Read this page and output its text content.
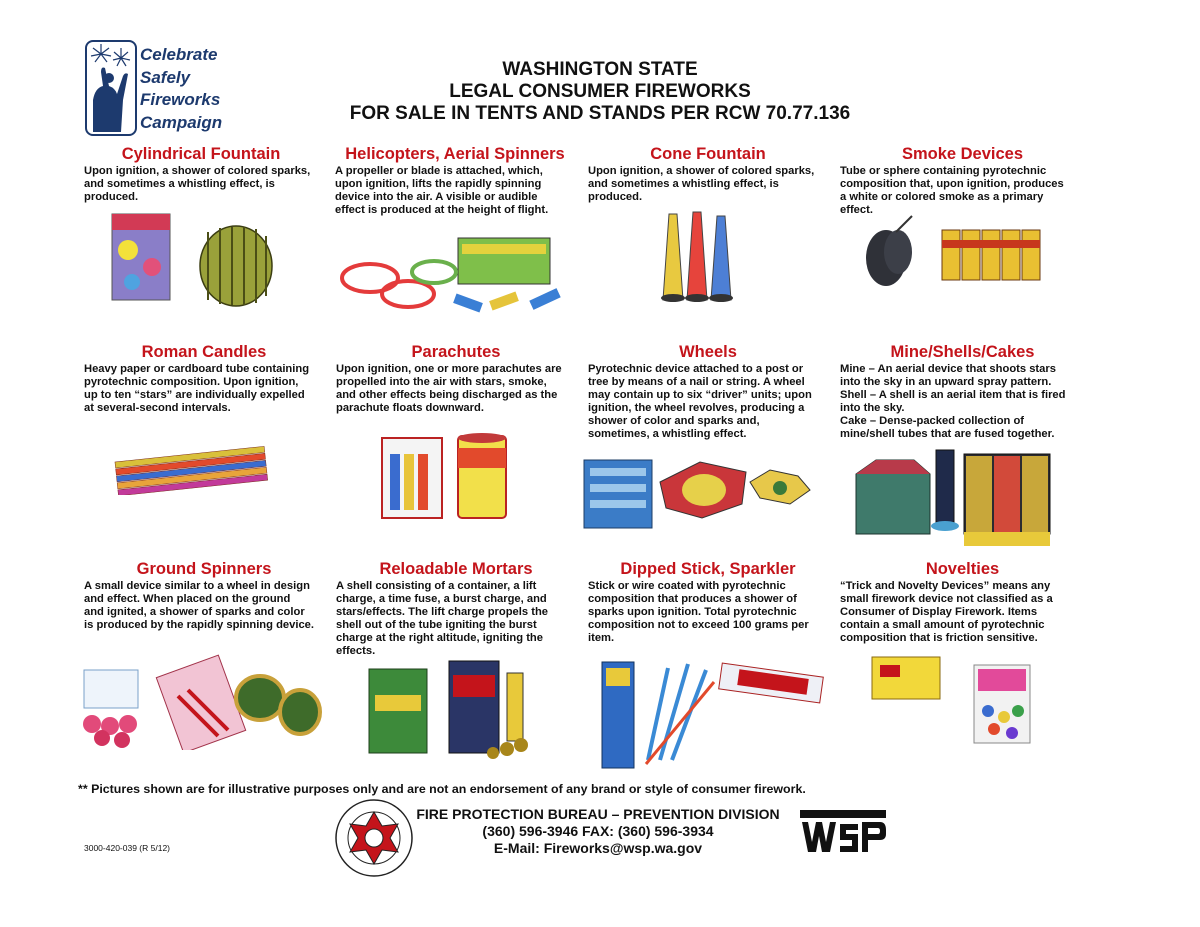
Celebrate
Safely
Fireworks
Campaign
WASHINGTON STATE
LEGAL CONSUMER FIREWORKS
FOR SALE IN TENTS AND STANDS PER RCW 70.77.136
Cylindrical Fountain
Upon ignition, a shower of colored sparks,
and sometimes a whistling effect, is
produced.
Helicopters, Aerial Spinners
A propeller or blade is attached, which,
upon ignition, lifts the rapidly spinning
device into the air. A visible or audible
effect is produced at the height of flight.
Cone Fountain
Upon ignition, a shower of colored sparks,
and sometimes a whistling effect, is
produced.
Smoke Devices
Tube or sphere containing pyrotechnic
composition that, upon ignition, produces
a white or colored smoke as a primary
effect.
Roman Candles
Heavy paper or cardboard tube containing
pyrotechnic composition. Upon ignition,
up to ten “stars” are individually expelled
at several-second intervals.
Parachutes
Upon ignition, one or more parachutes are
propelled into the air with stars, smoke,
and other effects being discharged as the
parachute floats downward.
Wheels
Pyrotechnic device attached to a post or
tree by means of a nail or string. A wheel
may contain up to six “driver” units; upon
ignition, the wheel revolves, producing a
shower of color and sparks and,
sometimes, a whistling effect.
Mine/Shells/Cakes
Mine – An aerial device that shoots stars
into the sky in an upward spray pattern.
Shell – A shell is an aerial item that is fired
into the sky.
Cake – Dense-packed collection of
mine/shell tubes that are fused together.
Ground Spinners
A small device similar to a wheel in design
and effect. When placed on the ground
and ignited, a shower of sparks and color
is produced by the rapidly spinning device.
Reloadable Mortars
A shell consisting of a container, a lift
charge, a time fuse, a burst charge, and
stars/effects. The lift charge propels the
shell out of the tube igniting the burst
charge at the right altitude, igniting the
effects.
Dipped Stick, Sparkler
Stick or wire coated with pyrotechnic
composition that produces a shower of
sparks upon ignition. Total pyrotechnic
composition not to exceed 100 grams per
item.
Novelties
“Trick and Novelty Devices” means any
small firework device not classified as a
Consumer of Display Firework. Items
contain a small amount of pyrotechnic
composition that is friction sensitive.
** Pictures shown are for illustrative purposes only and are not an endorsement of any brand or style of consumer firework.
3000-420-039 (R 5/12)
FIRE PROTECTION BUREAU – PREVENTION DIVISION
(360) 596-3946 FAX: (360) 596-3934
E-Mail: Fireworks@wsp.wa.gov
